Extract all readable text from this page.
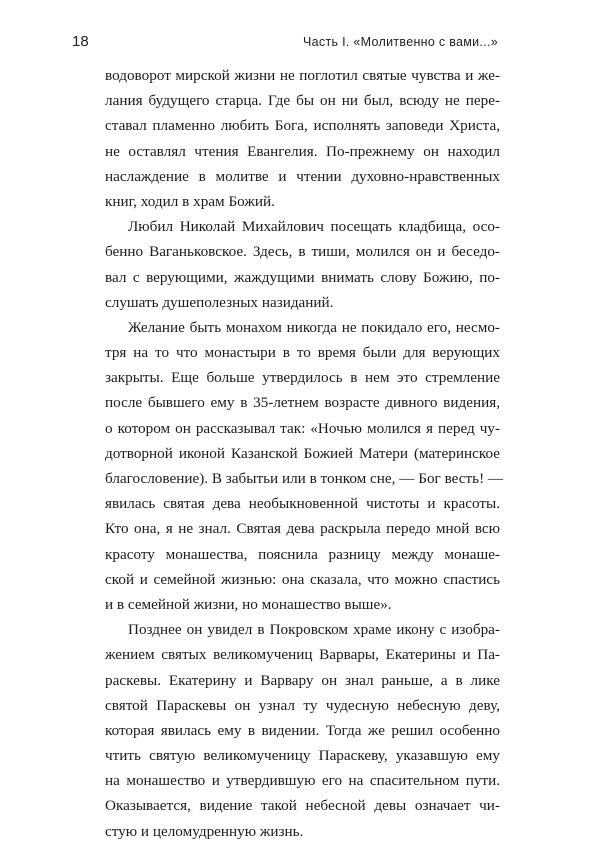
18	Часть I. «Молитвенно с вами...»
водоворот мирской жизни не поглотил святые чувства и же-
лания будущего старца. Где бы он ни был, всюду не пере-
ставал пламенно любить Бога, исполнять заповеди Христа,
не оставлял чтения Евангелия. По-прежнему он находил
наслаждение в молитве и чтении духовно-нравственных
книг, ходил в храм Божий.
Любил Николай Михайлович посещать кладбища, осо-
бенно Ваганьковское. Здесь, в тиши, молился он и беседо-
вал с верующими, жаждущими внимать слову Божию, по-
слушать душеполезных назиданий.
Желание быть монахом никогда не покидало его, несмо-
тря на то что монастыри в то время были для верующих
закрыты. Еще больше утвердилось в нем это стремление
после бывшего ему в 35-летнем возрасте дивного видения,
о котором он рассказывал так: «Ночью молился я перед чу-
дотворной иконой Казанской Божией Матери (материнское
благословение). В забытьи или в тонком сне, — Бог весть! —
явилась святая дева необыкновенной чистоты и красоты.
Кто она, я не знал. Святая дева раскрыла передо мной всю
красоту монашества, пояснила разницу между монаше-
ской и семейной жизнью: она сказала, что можно спастись
и в семейной жизни, но монашество выше».
Позднее он увидел в Покровском храме икону с изобра-
жением святых великомучениц Варвары, Екатерины и Па-
раскевы. Екатерину и Варвару он знал раньше, а в лике
святой Параскевы он узнал ту чудесную небесную деву,
которая явилась ему в видении. Тогда же решил особенно
чтить святую великомученицу Параскеву, указавшую ему
на монашество и утвердившую его на спасительном пути.
Оказывается, видение такой небесной девы означает чи-
стую и целомудренную жизнь.
